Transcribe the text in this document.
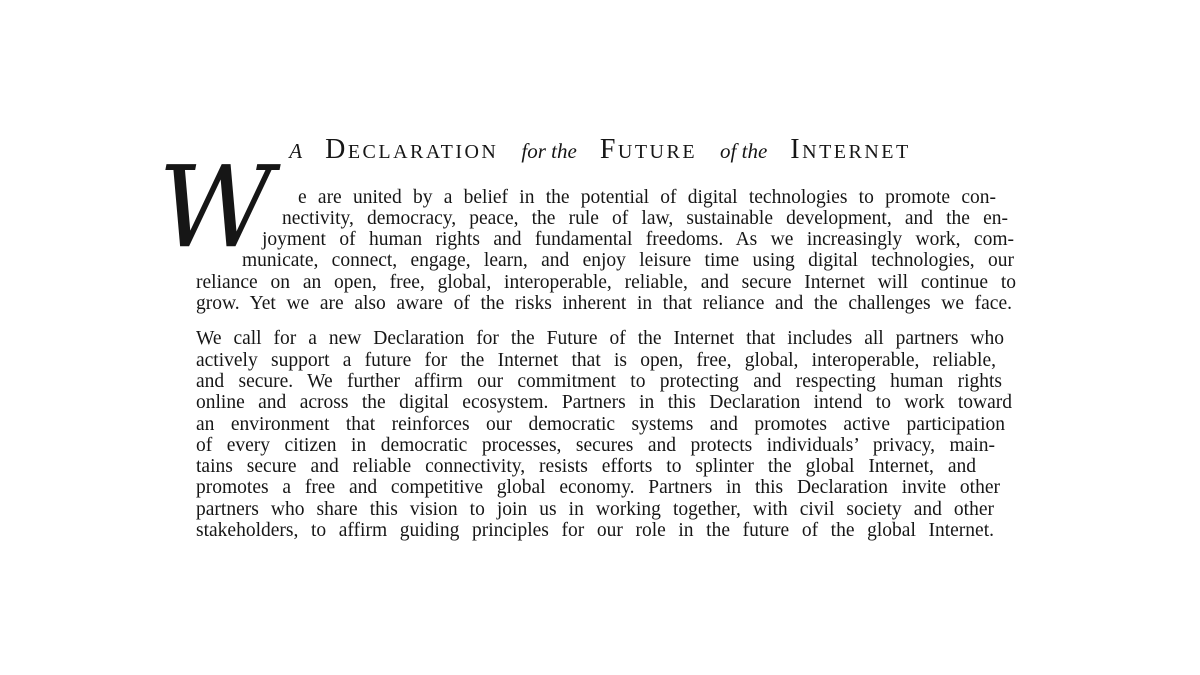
A Declaration for the Future of the Internet
W e are united by a belief in the potential of digital technologies to promote con-
nectivity, democracy, peace, the rule of law, sustainable development, and the en-
joyment of human rights and fundamental freedoms. As we increasingly work, com-
municate, connect, engage, learn, and enjoy leisure time using digital technologies, our
reliance on an open, free, global, interoperable, reliable, and secure Internet will continue to
grow. Yet we are also aware of the risks inherent in that reliance and the challenges we face.
We call for a new Declaration for the Future of the Internet that includes all partners who
actively support a future for the Internet that is open, free, global, interoperable, reliable,
and secure. We further affirm our commitment to protecting and respecting human rights
online and across the digital ecosystem. Partners in this Declaration intend to work toward
an environment that reinforces our democratic systems and promotes active participation
of every citizen in democratic processes, secures and protects individuals’ privacy, main-
tains secure and reliable connectivity, resists efforts to splinter the global Internet, and
promotes a free and competitive global economy. Partners in this Declaration invite other
partners who share this vision to join us in working together, with civil society and other
stakeholders, to affirm guiding principles for our role in the future of the global Internet.
